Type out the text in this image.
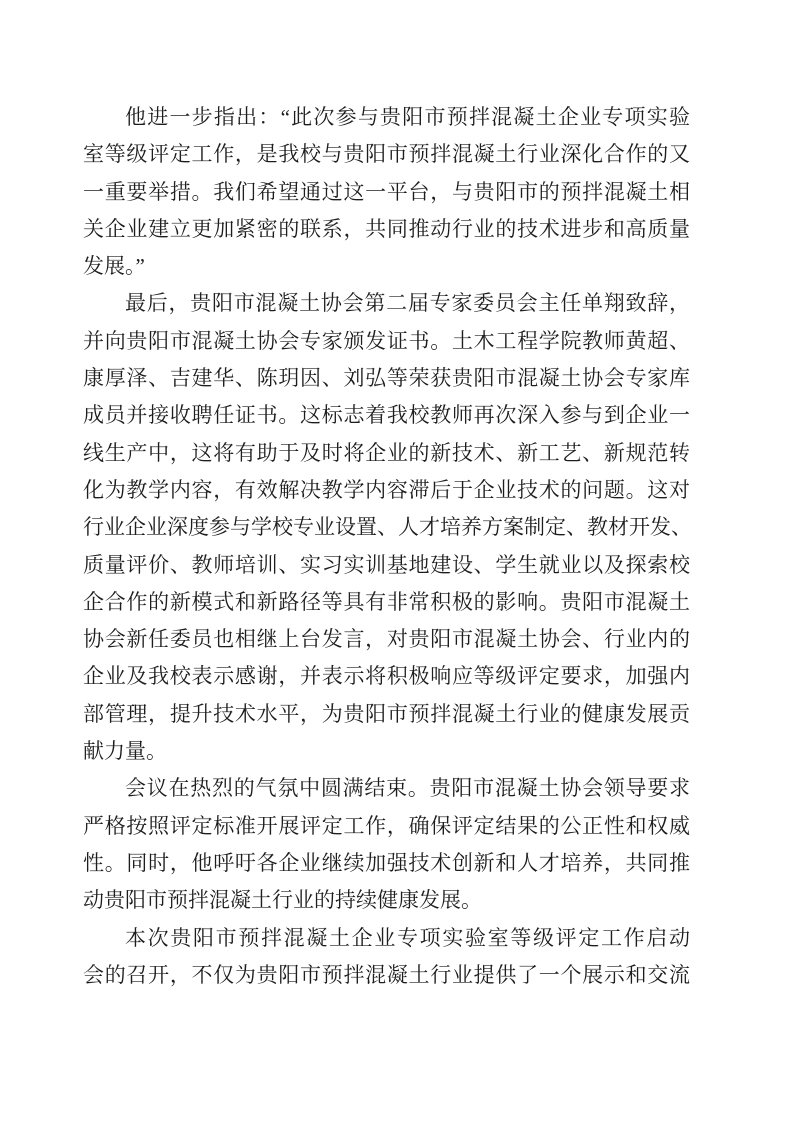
他进一步指出：“此次参与贵阳市预拌混凝土企业专项实验
室等级评定工作，是我校与贵阳市预拌混凝土行业深化合作的又
一重要举措。我们希望通过这一平台，与贵阳市的预拌混凝土相
关企业建立更加紧密的联系，共同推动行业的技术进步和高质量
发展。”
最后，贵阳市混凝土协会第二届专家委员会主任单翔致辞，
并向贵阳市混凝土协会专家颁发证书。土木工程学院教师黄超、
康厚泽、吉建华、陈玥因、刘弘等荣获贵阳市混凝土协会专家库
成员并接收聘任证书。这标志着我校教师再次深入参与到企业一
线生产中，这将有助于及时将企业的新技术、新工艺、新规范转
化为教学内容，有效解决教学内容滞后于企业技术的问题。这对
行业企业深度参与学校专业设置、人才培养方案制定、教材开发、
质量评价、教师培训、实习实训基地建设、学生就业以及探索校
企合作的新模式和新路径等具有非常积极的影响。贵阳市混凝土
协会新任委员也相继上台发言，对贵阳市混凝土协会、行业内的
企业及我校表示感谢，并表示将积极响应等级评定要求，加强内
部管理，提升技术水平，为贵阳市预拌混凝土行业的健康发展贡
献力量。
会议在热烈的气氛中圆满结束。贵阳市混凝土协会领导要求
严格按照评定标准开展评定工作，确保评定结果的公正性和权威
性。同时，他呼吁各企业继续加强技术创新和人才培养，共同推
动贵阳市预拌混凝土行业的持续健康发展。
本次贵阳市预拌混凝土企业专项实验室等级评定工作启动
会的召开，不仅为贵阳市预拌混凝土行业提供了一个展示和交流
